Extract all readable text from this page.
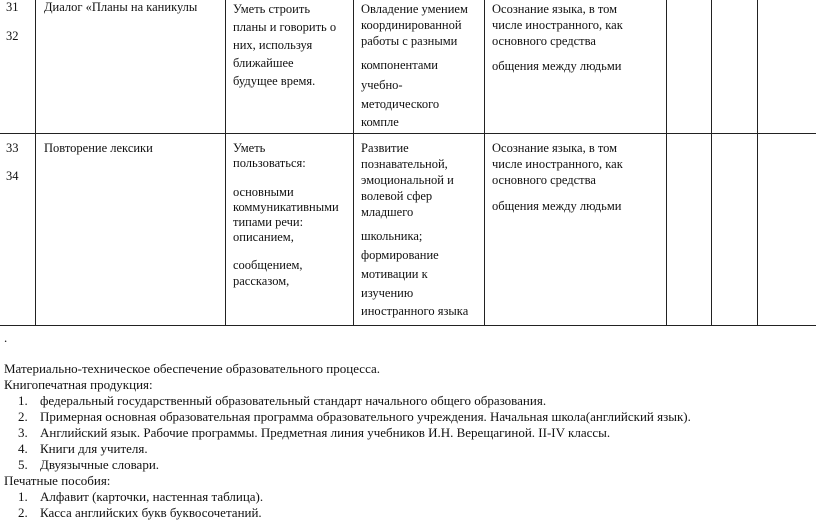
31
32
Диалог «Планы на каникулы	Уметь строить
планы и говорить о
них, используя
ближайшее
будущее время.
Овладение умением
координированной
работы с разными
компонентами
учебно-
методического
компле
Осознание языка, в том
числе иностранного, как
основного средства
общения между людьми
33
34
Повторение лексики	Уметь
пользоваться:
основными
коммуникативными
типами речи:
описанием,
сообщением,
рассказом,
Развитие
познавательной,
эмоциональной и
волевой сфер
младшего
школьника;
формирование
мотивации к
изучению
иностранного языка
Осознание языка, в том
числе иностранного, как
основного средства
общения между людьми
.
Материально-техническое обеспечение образовательного процесса.
Книгопечатная продукция:
1. федеральный государственный образовательный стандарт начального общего образования.
2. Примерная основная образовательная программа образовательного учреждения. Начальная школа(английский язык).
3. Английский язык. Рабочие программы. Предметная линия учебников И.Н. Верещагиной. II-IV классы.
4. Книги для учителя.
5. Двуязычные словари.
Печатные пособия:
1. Алфавит (карточки, настенная таблица).
2. Касса английских букв буквосочетаний.
